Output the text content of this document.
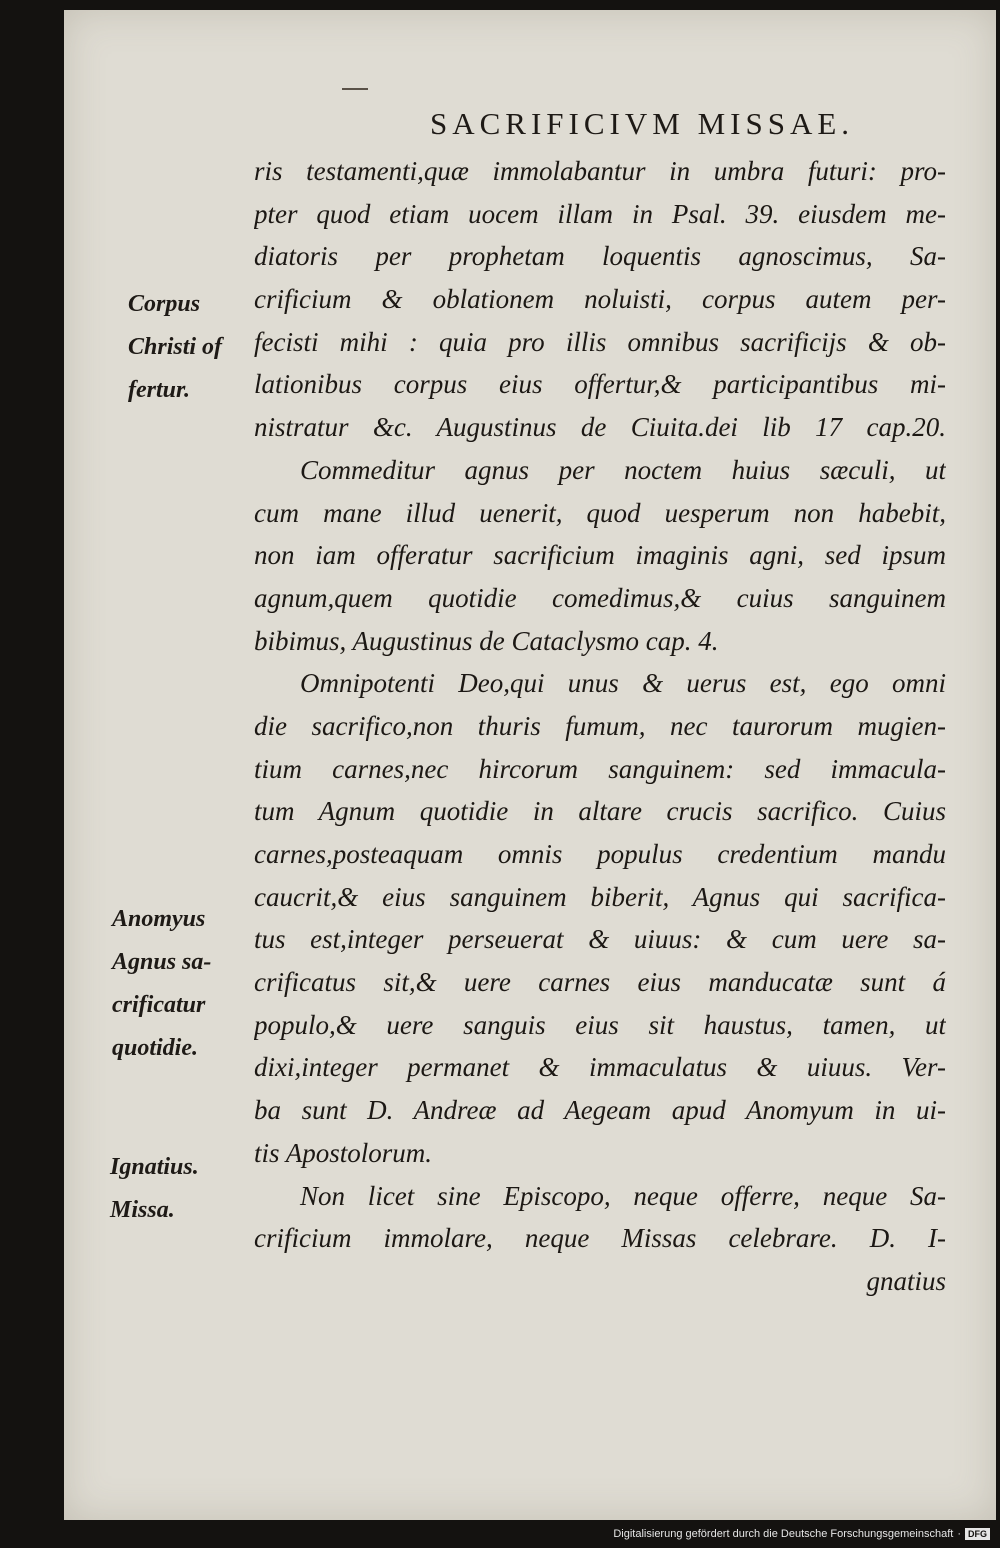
SACRIFICIVM MISSAE.
ris testamenti,quæ immolabantur in umbra futuri: pro-
pter quod etiam uocem illam in Psal. 39. eiusdem me-
diatoris per prophetam loquentis agnoscimus, Sa-
crificium & oblationem noluisti, corpus autem per-
fecisti mihi : quia pro illis omnibus sacrificijs & ob-
lationibus corpus eius offertur,& participantibus mi-
nistratur &c. Augustinus de Ciuita.dei lib 17 cap.20.
Commeditur agnus per noctem huius sæculi, ut
cum mane illud uenerit, quod uesperum non habebit,
non iam offeratur sacrificium imaginis agni, sed ipsum
agnum,quem quotidie comedimus,& cuius sanguinem
bibimus, Augustinus de Cataclysmo cap. 4.
Omnipotenti Deo,qui unus & uerus est, ego omni
die sacrifico,non thuris fumum, nec taurorum mugien-
tium carnes,nec hircorum sanguinem: sed immacula-
tum Agnum quotidie in altare crucis sacrifico. Cuius
carnes,posteaquam omnis populus credentium mandu
caucrit,& eius sanguinem biberit, Agnus qui sacrifica-
tus est,integer perseuerat & uiuus: & cum uere sa-
crificatus sit,& uere carnes eius manducatæ sunt á
populo,& uere sanguis eius sit haustus, tamen, ut
dixi,integer permanet & immaculatus & uiuus. Ver-
ba sunt D. Andreæ ad Aegeam apud Anomyum in ui-
tis Apostolorum.
Non licet sine Episcopo, neque offerre, neque Sa-
crificium immolare, neque Missas celebrare. D. I-
gnatius
Corpus
Christi of
fertur.
Anomyus
Agnus sa-
crificatur
quotidie.
Ignatius.
Missa.
Digitalisierung gefördert durch die Deutsche Forschungsgemeinschaft · DFG
